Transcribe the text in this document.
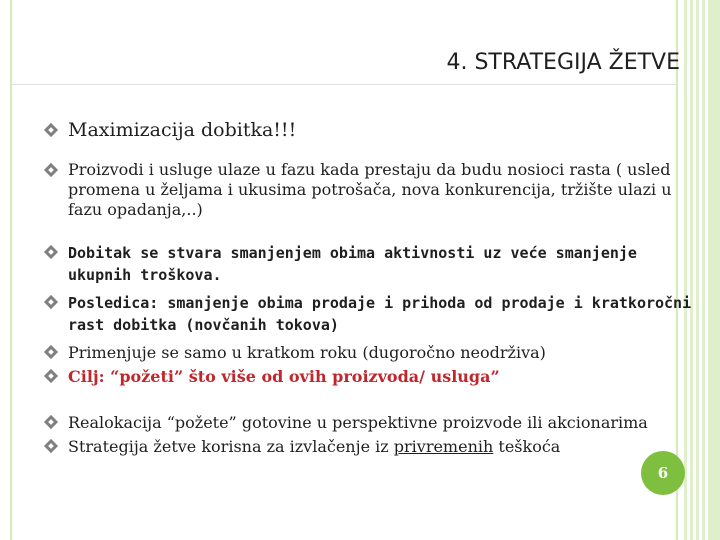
4. STRATEGIJA ŽETVE
Maximizacija dobitka!!!
Proizvodi i usluge ulaze u fazu kada prestaju da budu nosioci rasta ( usled promena u željama i ukusima potrošača, nova konkurencija, tržište ulazi u fazu opadanja,..)
Dobitak se stvara smanjenjem obima aktivnosti uz veće smanjenje ukupnih troškova.
Posledica: smanjenje obima prodaje i prihoda od prodaje i kratkoročni rast dobitka (novčanih tokova)
Primenjuje se samo u kratkom roku (dugoročno neodrživa)
Cilj: “požeti” što više od ovih proizvoda/ usluga”
Realokacija “požete” gotovine u perspektivne proizvode ili akcionarima
Strategija žetve korisna za izvlačenje iz privremenih teškoća
6
